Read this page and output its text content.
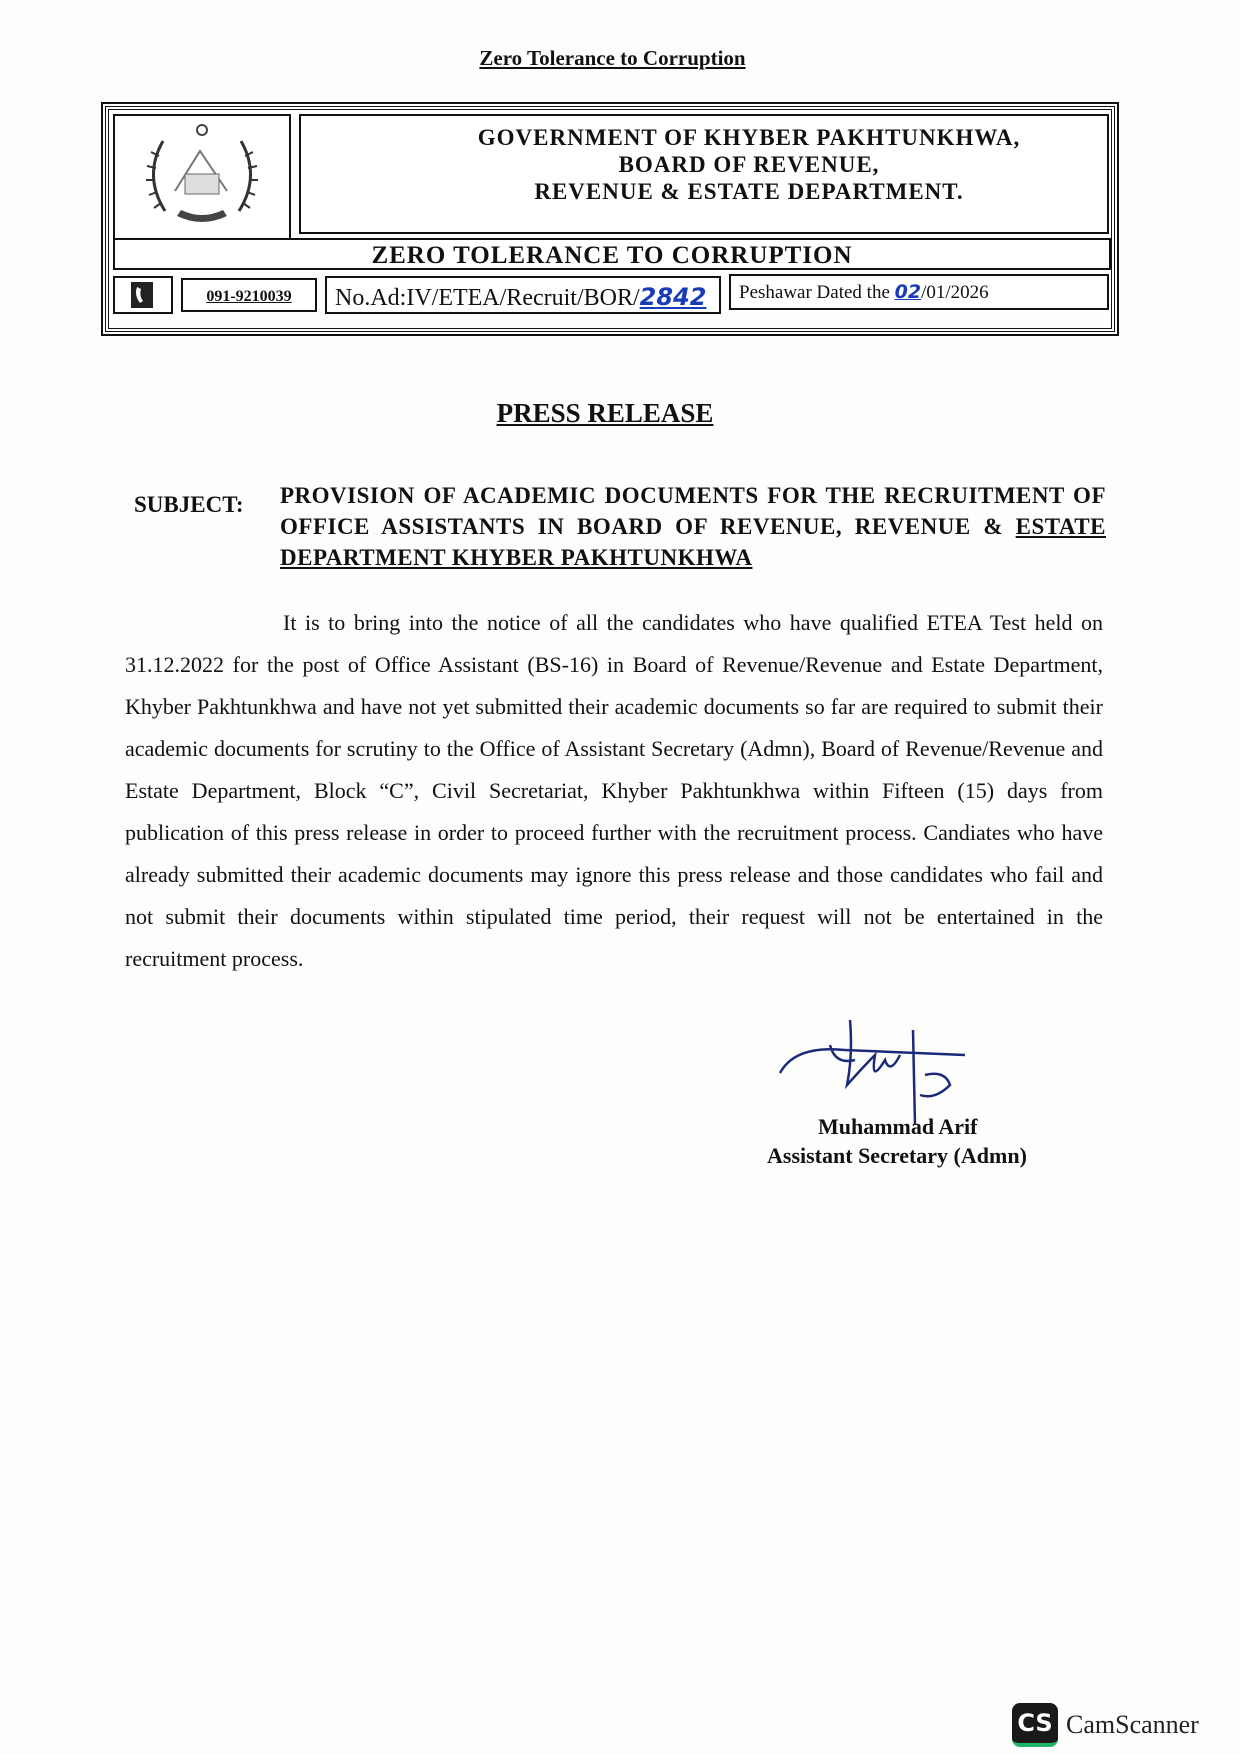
Zero Tolerance to Corruption
GOVERNMENT OF KHYBER PAKHTUNKHWA,
BOARD OF REVENUE,
REVENUE & ESTATE DEPARTMENT.
ZERO TOLERANCE TO CORRUPTION
091-9210039	No.Ad:IV/ETEA/Recruit/BOR/2842	Peshawar Dated the 02/01/2026
PRESS RELEASE
SUBJECT: PROVISION OF ACADEMIC DOCUMENTS FOR THE RECRUITMENT OF OFFICE ASSISTANTS IN BOARD OF REVENUE, REVENUE & ESTATE DEPARTMENT KHYBER PAKHTUNKHWA

It is to bring into the notice of all the candidates who have qualified ETEA Test held on 31.12.2022 for the post of Office Assistant (BS-16) in Board of Revenue/Revenue and Estate Department, Khyber Pakhtunkhwa and have not yet submitted their academic documents so far are required to submit their academic documents for scrutiny to the Office of Assistant Secretary (Admn), Board of Revenue/Revenue and Estate Department, Block “C”, Civil Secretariat, Khyber Pakhtunkhwa within Fifteen (15) days from publication of this press release in order to proceed further with the recruitment process. Candiates who have already submitted their academic documents may ignore this press release and those candidates who fail and not submit their documents within stipulated time period, their request will not be entertained in the recruitment process.

Muhammad Arif
Assistant Secretary (Admn)
CS CamScanner
